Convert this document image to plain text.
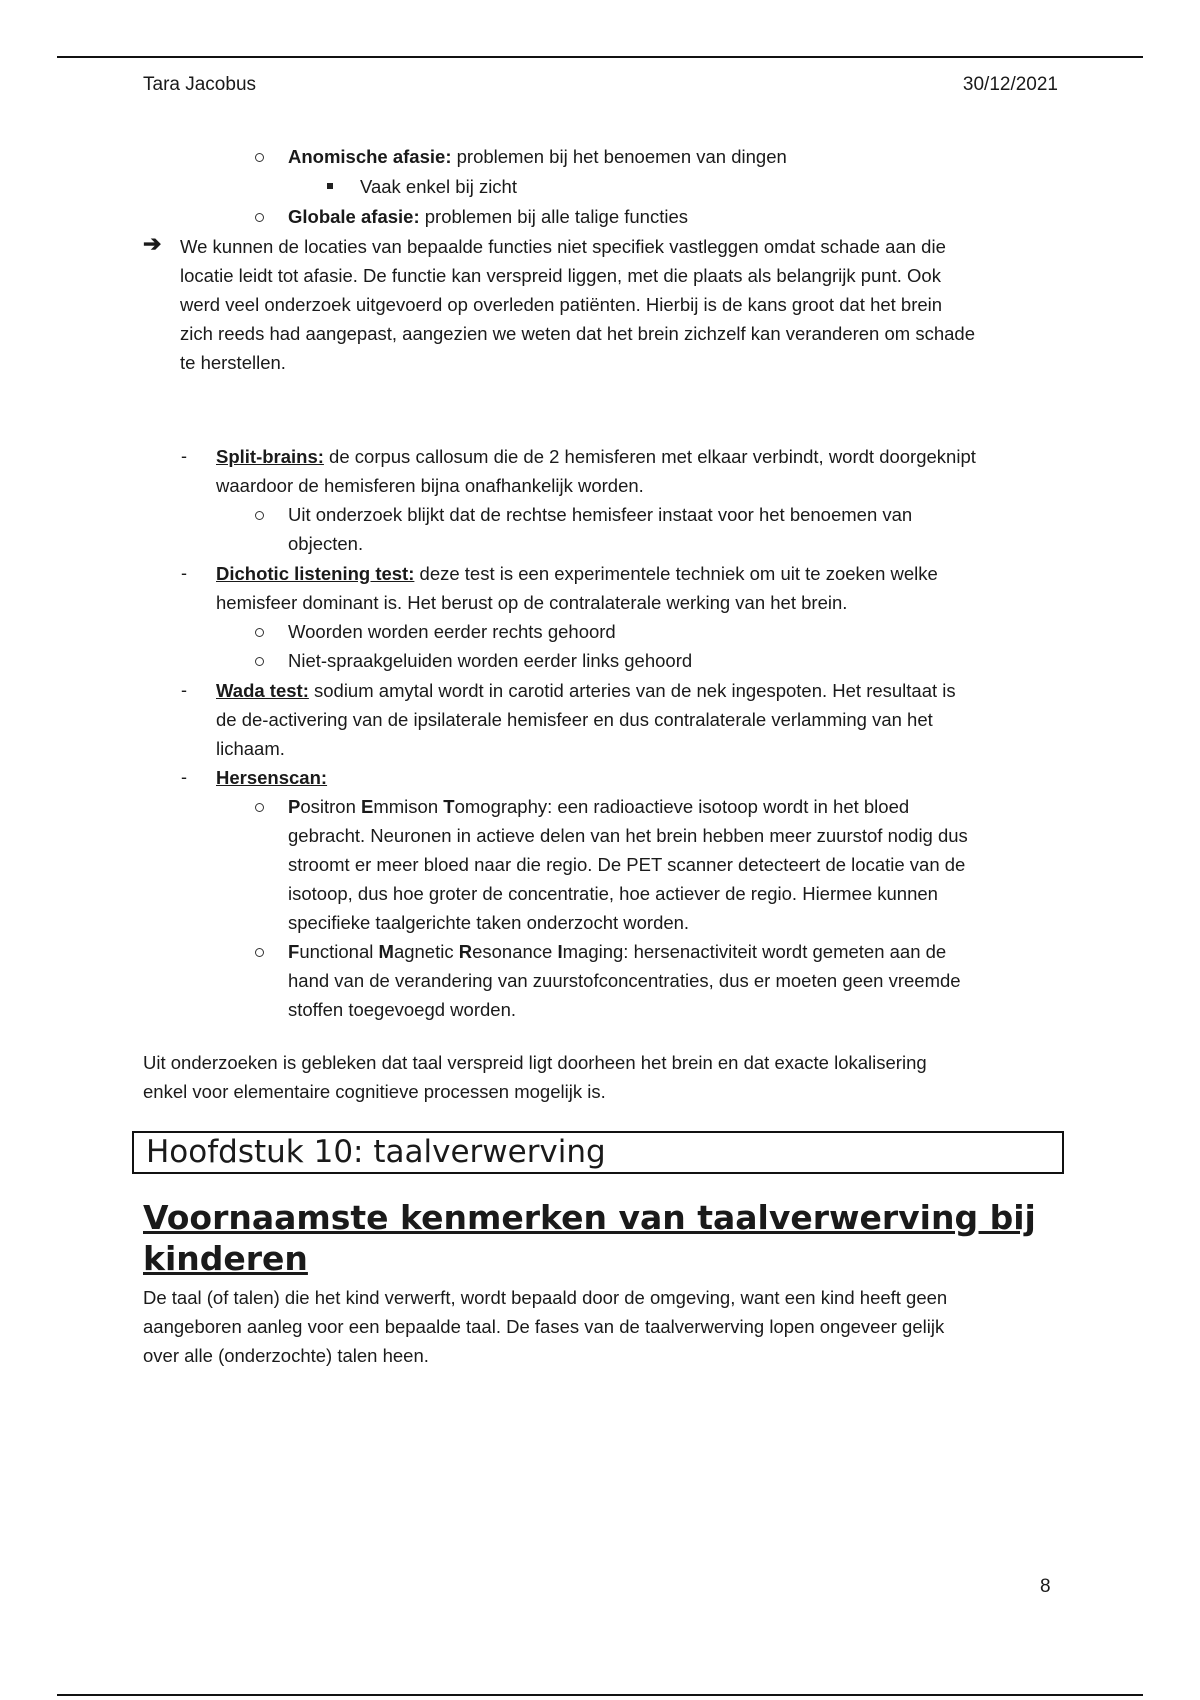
Tara Jacobus	30/12/2021
Anomische afasie: problemen bij het benoemen van dingen
Vaak enkel bij zicht
Globale afasie: problemen bij alle talige functies
➔ We kunnen de locaties van bepaalde functies niet specifiek vastleggen omdat schade aan die
locatie leidt tot afasie. De functie kan verspreid liggen, met die plaats als belangrijk punt. Ook
werd veel onderzoek uitgevoerd op overleden patiënten. Hierbij is de kans groot dat het brein
zich reeds had aangepast, aangezien we weten dat het brein zichzelf kan veranderen om schade
te herstellen.
- Split-brains: de corpus callosum die de 2 hemisferen met elkaar verbindt, wordt doorgeknipt
waardoor de hemisferen bijna onafhankelijk worden.
Uit onderzoek blijkt dat de rechtse hemisfeer instaat voor het benoemen van
objecten.
- Dichotic listening test: deze test is een experimentele techniek om uit te zoeken welke
hemisfeer dominant is. Het berust op de contralaterale werking van het brein.
Woorden worden eerder rechts gehoord
Niet-spraakgeluiden worden eerder links gehoord
- Wada test: sodium amytal wordt in carotid arteries van de nek ingespoten. Het resultaat is
de de-activering van de ipsilaterale hemisfeer en dus contralaterale verlamming van het
lichaam.
- Hersenscan:
Positron Emmison Tomography: een radioactieve isotoop wordt in het bloed
gebracht. Neuronen in actieve delen van het brein hebben meer zuurstof nodig dus
stroomt er meer bloed naar die regio. De PET scanner detecteert de locatie van de
isotoop, dus hoe groter de concentratie, hoe actiever de regio. Hiermee kunnen
specifieke taalgerichte taken onderzocht worden.
Functional Magnetic Resonance Imaging: hersenactiviteit wordt gemeten aan de
hand van de verandering van zuurstofconcentraties, dus er moeten geen vreemde
stoffen toegevoegd worden.
Uit onderzoeken is gebleken dat taal verspreid ligt doorheen het brein en dat exacte lokalisering
enkel voor elementaire cognitieve processen mogelijk is.
Hoofdstuk 10: taalverwerving
Voornaamste kenmerken van taalverwerving bij kinderen
De taal (of talen) die het kind verwerft, wordt bepaald door de omgeving, want een kind heeft geen
aangeboren aanleg voor een bepaalde taal. De fases van de taalverwerving lopen ongeveer gelijk
over alle (onderzochte) talen heen.
8
